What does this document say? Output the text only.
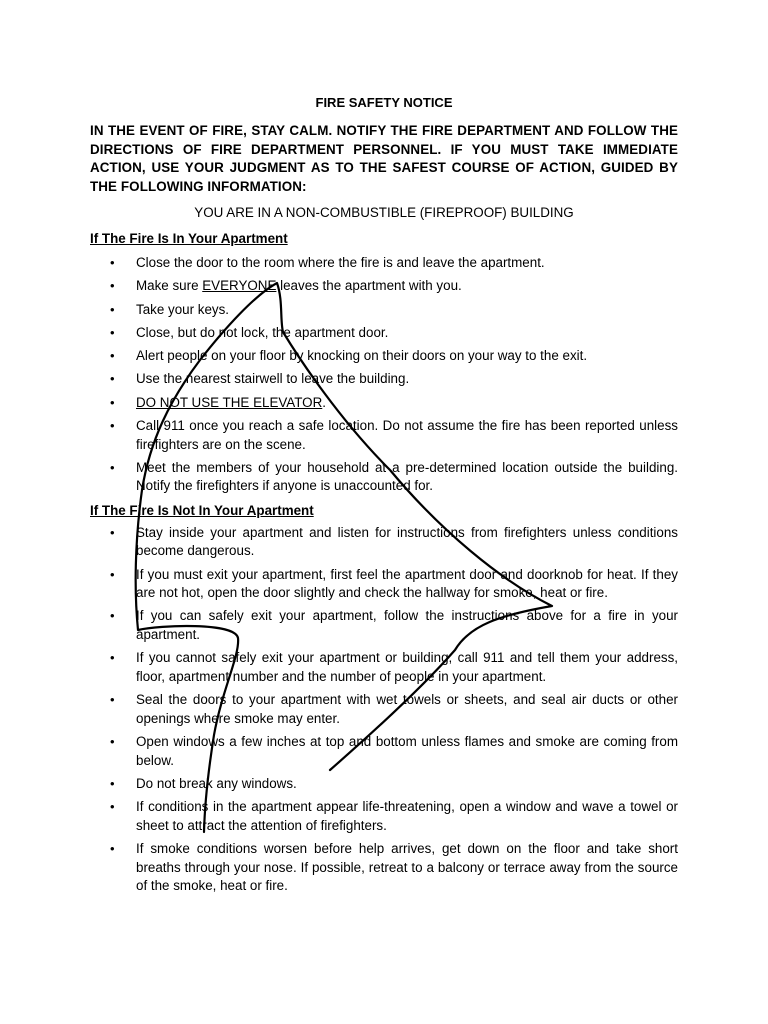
FIRE SAFETY NOTICE
IN THE EVENT OF FIRE, STAY CALM. NOTIFY THE FIRE DEPARTMENT AND FOLLOW THE DIRECTIONS OF FIRE DEPARTMENT PERSONNEL. IF YOU MUST TAKE IMMEDIATE ACTION, USE YOUR JUDGMENT AS TO THE SAFEST COURSE OF ACTION, GUIDED BY THE FOLLOWING INFORMATION:
YOU ARE IN A NON-COMBUSTIBLE (FIREPROOF) BUILDING
If The Fire Is In Your Apartment
• Close the door to the room where the fire is and leave the apartment.
• Make sure EVERYONE leaves the apartment with you.
• Take your keys.
• Close, but do not lock, the apartment door.
• Alert people on your floor by knocking on their doors on your way to the exit.
• Use the nearest stairwell to leave the building.
• DO NOT USE THE ELEVATOR.
• Call 911 once you reach a safe location. Do not assume the fire has been reported unless firefighters are on the scene.
• Meet the members of your household at a pre-determined location outside the building. Notify the firefighters if anyone is unaccounted for.
If The Fire Is Not In Your Apartment
• Stay inside your apartment and listen for instructions from firefighters unless conditions become dangerous.
• If you must exit your apartment, first feel the apartment door and doorknob for heat. If they are not hot, open the door slightly and check the hallway for smoke, heat or fire.
• If you can safely exit your apartment, follow the instructions above for a fire in your apartment.
• If you cannot safely exit your apartment or building, call 911 and tell them your address, floor, apartment number and the number of people in your apartment.
• Seal the doors to your apartment with wet towels or sheets, and seal air ducts or other openings where smoke may enter.
• Open windows a few inches at top and bottom unless flames and smoke are coming from below.
• Do not break any windows.
• If conditions in the apartment appear life-threatening, open a window and wave a towel or sheet to attract the attention of firefighters.
• If smoke conditions worsen before help arrives, get down on the floor and take short breaths through your nose. If possible, retreat to a balcony or terrace away from the source of the smoke, heat or fire.
